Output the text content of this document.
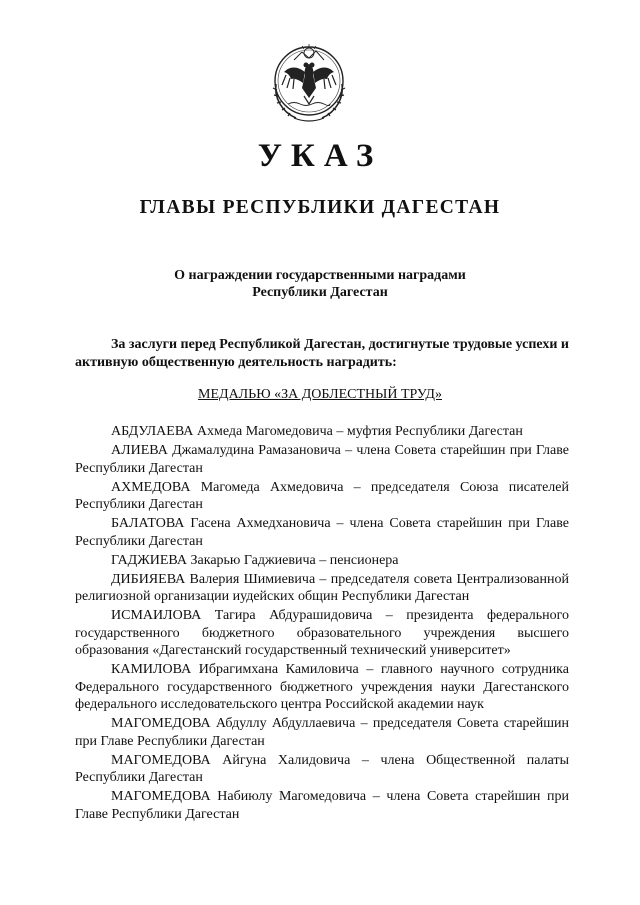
УКАЗ
ГЛАВЫ РЕСПУБЛИКИ ДАГЕСТАН
О награждении государственными наградами
Республики Дагестан
За заслуги перед Республикой Дагестан, достигнутые трудовые успехи и активную общественную деятельность наградить:
МЕДАЛЬЮ «ЗА ДОБЛЕСТНЫЙ ТРУД»

АБДУЛАЕВА Ахмеда Магомедовича – муфтия Республики Дагестан

АЛИЕВА Джамалудина Рамазановича – члена Совета старейшин при Главе Республики Дагестан

АХМЕДОВА Магомеда Ахмедовича – председателя Союза писателей Республики Дагестан

БАЛАТОВА Гасена Ахмедхановича – члена Совета старейшин при Главе Республики Дагестан

ГАДЖИЕВА Закарью Гаджиевича – пенсионера

ДИБИЯЕВА Валерия Шимиевича – председателя совета Централизованной религиозной организации иудейских общин Республики Дагестан

ИСМАИЛОВА Тагира Абдурашидовича – президента федерального государственного бюджетного образовательного учреждения высшего образования «Дагестанский государственный технический университет»

КАМИЛОВА Ибрагимхана Камиловича – главного научного сотрудника Федерального государственного бюджетного учреждения науки Дагестанского федерального исследовательского центра Российской академии наук

МАГОМЕДОВА Абдуллу Абдуллаевича – председателя Совета старейшин при Главе Республики Дагестан

МАГОМЕДОВА Айгуна Халидовича – члена Общественной палаты Республики Дагестан

МАГОМЕДОВА Набиюлу Магомедовича – члена Совета старейшин при Главе Республики Дагестан
